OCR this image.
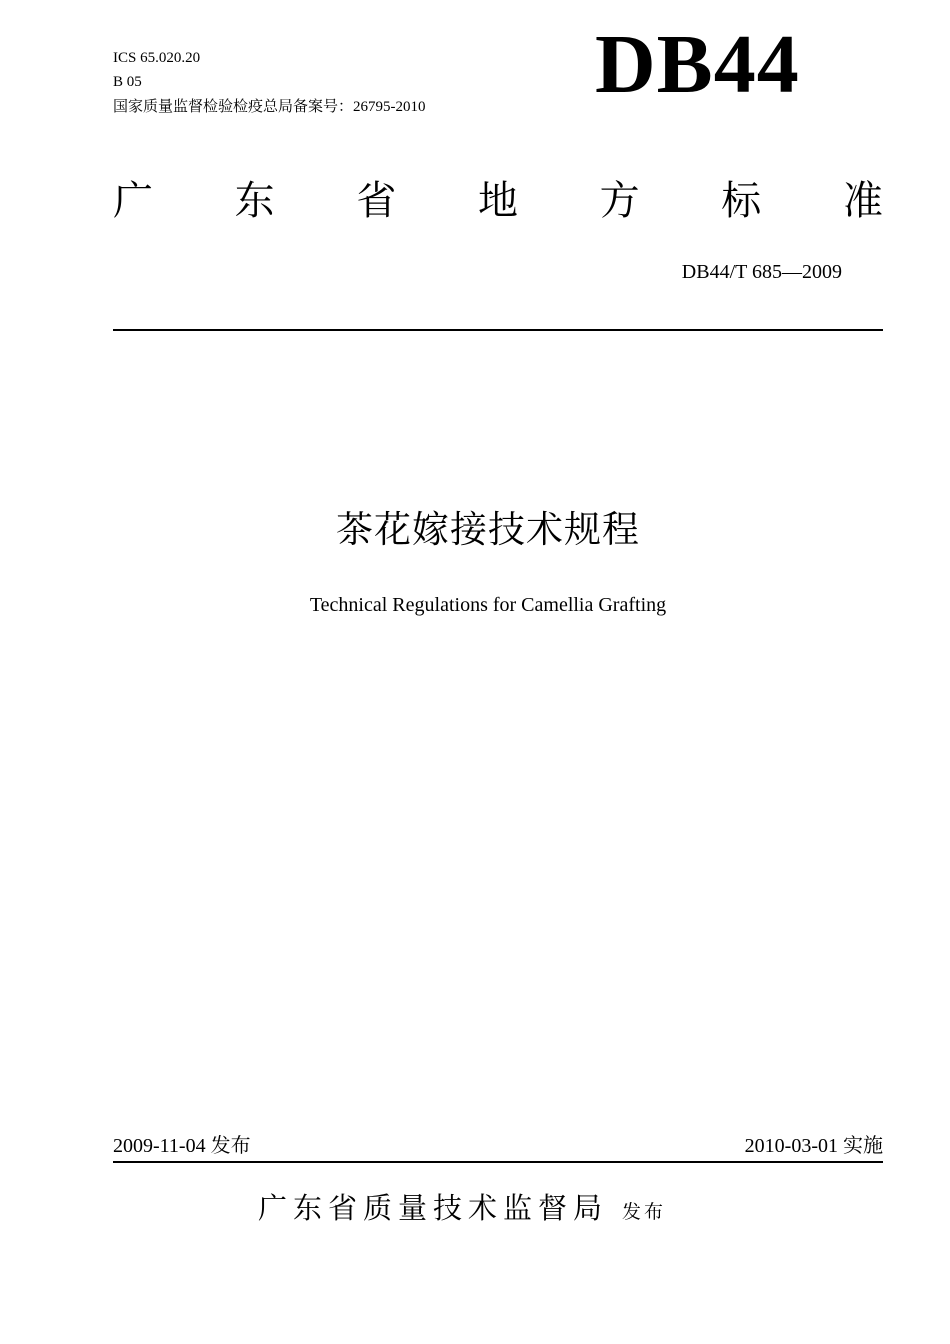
ICS 65.020.20
B 05
国家质量监督检验检疫总局备案号：26795-2010 DB44
广 东 省 地 方 标 准
DB44/T 685—2009
茶花嫁接技术规程
Technical Regulations for Camellia Grafting
2009-11-04 发布	2010-03-01 实施
广东省质量技术监督局 发布
